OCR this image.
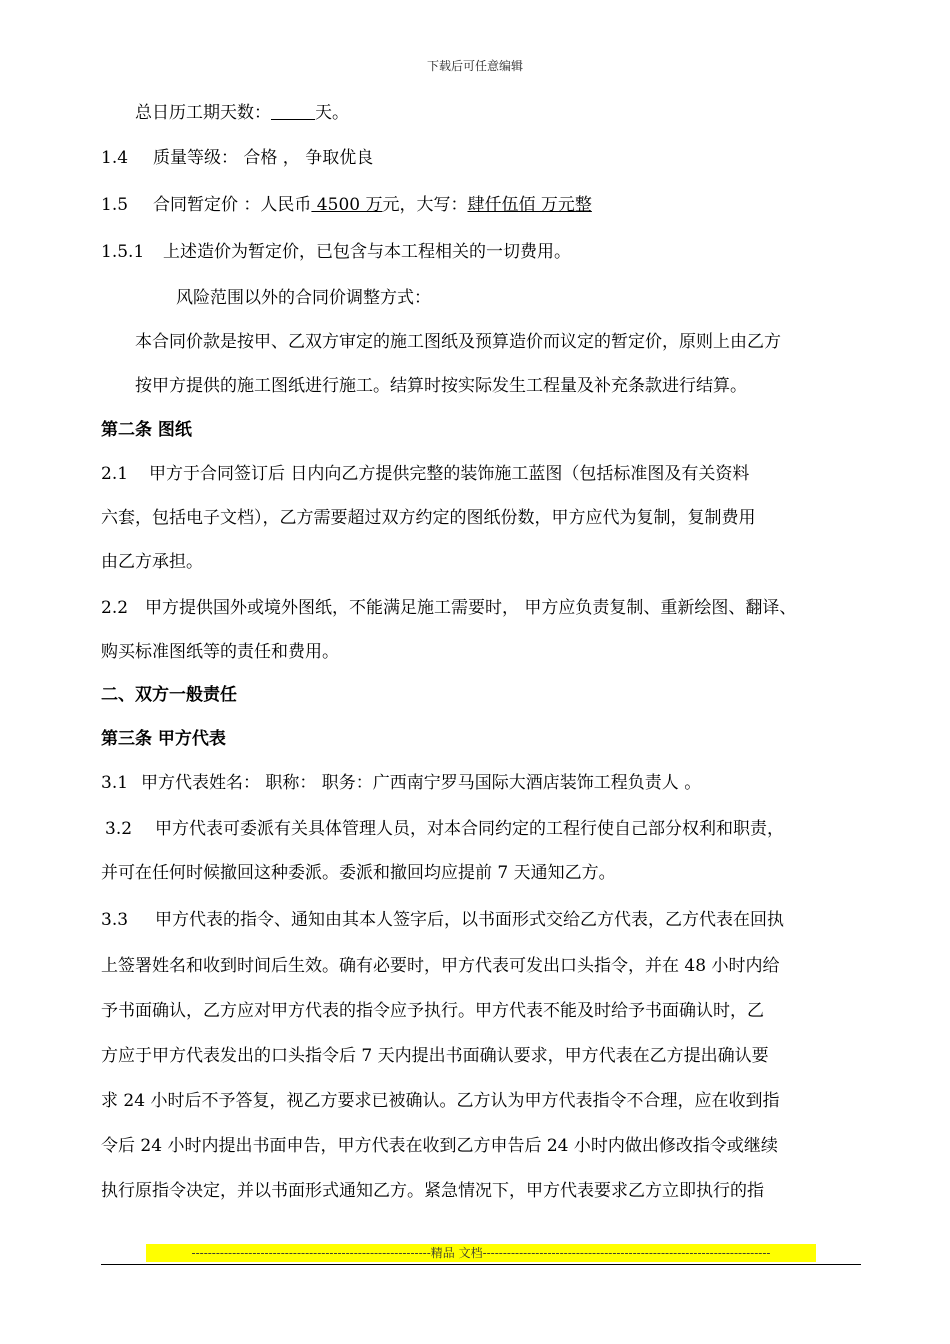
下载后可任意编辑
总日历工期天数：	天。
1.4 质量等级： 合格 ， 争取优良
1.5 合同暂定价 ：人民币 4500 万元，大写：肆仟伍佰 万元整
1.5.1 上述造价为暂定价，已包含与本工程相关的一切费用。
风险范围以外的合同价调整方式：
本合同价款是按甲、乙双方审定的施工图纸及预算造价而议定的暂定价，原则上由乙方
按甲方提供的施工图纸进行施工。结算时按实际发生工程量及补充条款进行结算。
第二条 图纸
2.1 甲方于合同签订后 日内向乙方提供完整的装饰施工蓝图（包括标准图及有关资料
六套，包括电子文档），乙方需要超过双方约定的图纸份数，甲方应代为复制，复制费用
由乙方承担。
2.2 甲方提供国外或境外图纸，不能满足施工需要时， 甲方应负责复制、重新绘图、翻译、
购买标准图纸等的责任和费用。
二、双方一般责任
第三条 甲方代表
3.1 甲方代表姓名： 职称： 职务：广西南宁罗马国际大酒店装饰工程负责人 。
3.2 甲方代表可委派有关具体管理人员，对本合同约定的工程行使自己部分权利和职责，
并可在任何时候撤回这种委派。委派和撤回均应提前 7 天通知乙方。
3.3 甲方代表的指令、通知由其本人签字后，以书面形式交给乙方代表，乙方代表在回执
上签署姓名和收到时间后生效。确有必要时，甲方代表可发出口头指令，并在 48 小时内给
予书面确认，乙方应对甲方代表的指令应予执行。甲方代表不能及时给予书面确认时，乙
方应于甲方代表发出的口头指令后 7 天内提出书面确认要求，甲方代表在乙方提出确认要
求 24 小时后不予答复，视乙方要求已被确认。乙方认为甲方代表指令不合理，应在收到指
令后 24 小时内提出书面申告，甲方代表在收到乙方申告后 24 小时内做出修改指令或继续
执行原指令决定，并以书面形式通知乙方。紧急情况下，甲方代表要求乙方立即执行的指
-----------------------------------------------------------精品 文档-----------------------------------------------------------------------
